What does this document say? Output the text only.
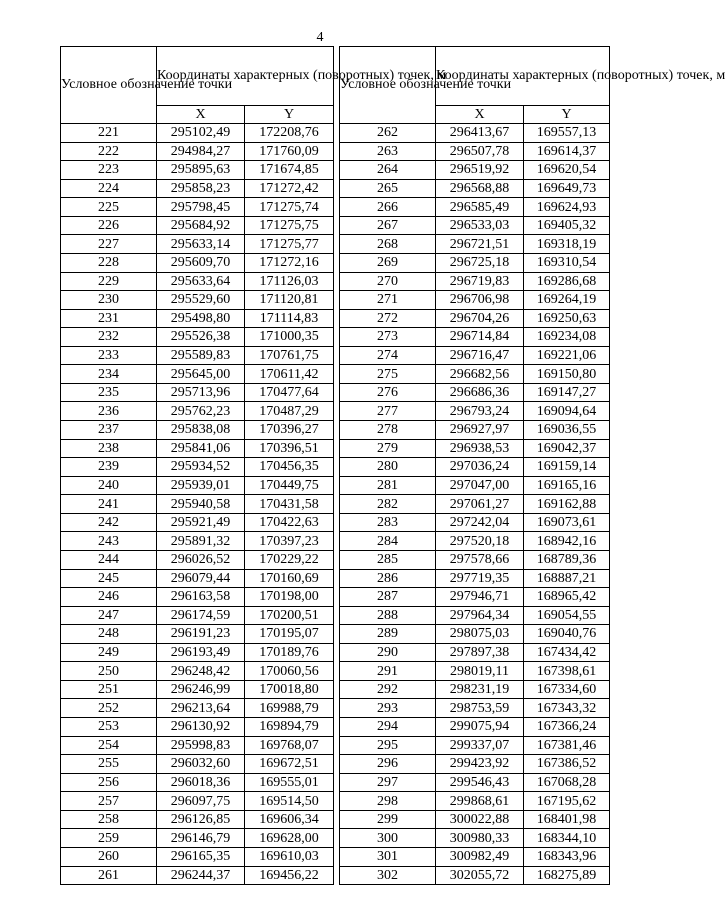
4
Условное обозначение точки	Координаты характерных (поворотных) точек, м	
	X	Y
221	295102,49	172208,76
222	294984,27	171760,09
223	295895,63	171674,85
224	295858,23	171272,42
225	295798,45	171275,74
226	295684,92	171275,75
227	295633,14	171275,77
228	295609,70	171272,16
229	295633,64	171126,03
230	295529,60	171120,81
231	295498,80	171114,83
232	295526,38	171000,35
233	295589,83	170761,75
234	295645,00	170611,42
235	295713,96	170477,64
236	295762,23	170487,29
237	295838,08	170396,27
238	295841,06	170396,51
239	295934,52	170456,35
240	295939,01	170449,75
241	295940,58	170431,58
242	295921,49	170422,63
243	295891,32	170397,23
244	296026,52	170229,22
245	296079,44	170160,69
246	296163,58	170198,00
247	296174,59	170200,51
248	296191,23	170195,07
249	296193,49	170189,76
250	296248,42	170060,56
251	296246,99	170018,80
252	296213,64	169988,79
253	296130,92	169894,79
254	295998,83	169768,07
255	296032,60	169672,51
256	296018,36	169555,01
257	296097,75	169514,50
258	296126,85	169606,34
259	296146,79	169628,00
260	296165,35	169610,03
261	296244,37	169456,22
Условное обозначение точки	Координаты характерных (поворотных) точек, м	
	X	Y
262	296413,67	169557,13
263	296507,78	169614,37
264	296519,92	169620,54
265	296568,88	169649,73
266	296585,49	169624,93
267	296533,03	169405,32
268	296721,51	169318,19
269	296725,18	169310,54
270	296719,83	169286,68
271	296706,98	169264,19
272	296704,26	169250,63
273	296714,84	169234,08
274	296716,47	169221,06
275	296682,56	169150,80
276	296686,36	169147,27
277	296793,24	169094,64
278	296927,97	169036,55
279	296938,53	169042,37
280	297036,24	169159,14
281	297047,00	169165,16
282	297061,27	169162,88
283	297242,04	169073,61
284	297520,18	168942,16
285	297578,66	168789,36
286	297719,35	168887,21
287	297946,71	168965,42
288	297964,34	169054,55
289	298075,03	169040,76
290	297897,38	167434,42
291	298019,11	167398,61
292	298231,19	167334,60
293	298753,59	167343,32
294	299075,94	167366,24
295	299337,07	167381,46
296	299423,92	167386,52
297	299546,43	167068,28
298	299868,61	167195,62
299	300022,88	168401,98
300	300980,33	168344,10
301	300982,49	168343,96
302	302055,72	168275,89
